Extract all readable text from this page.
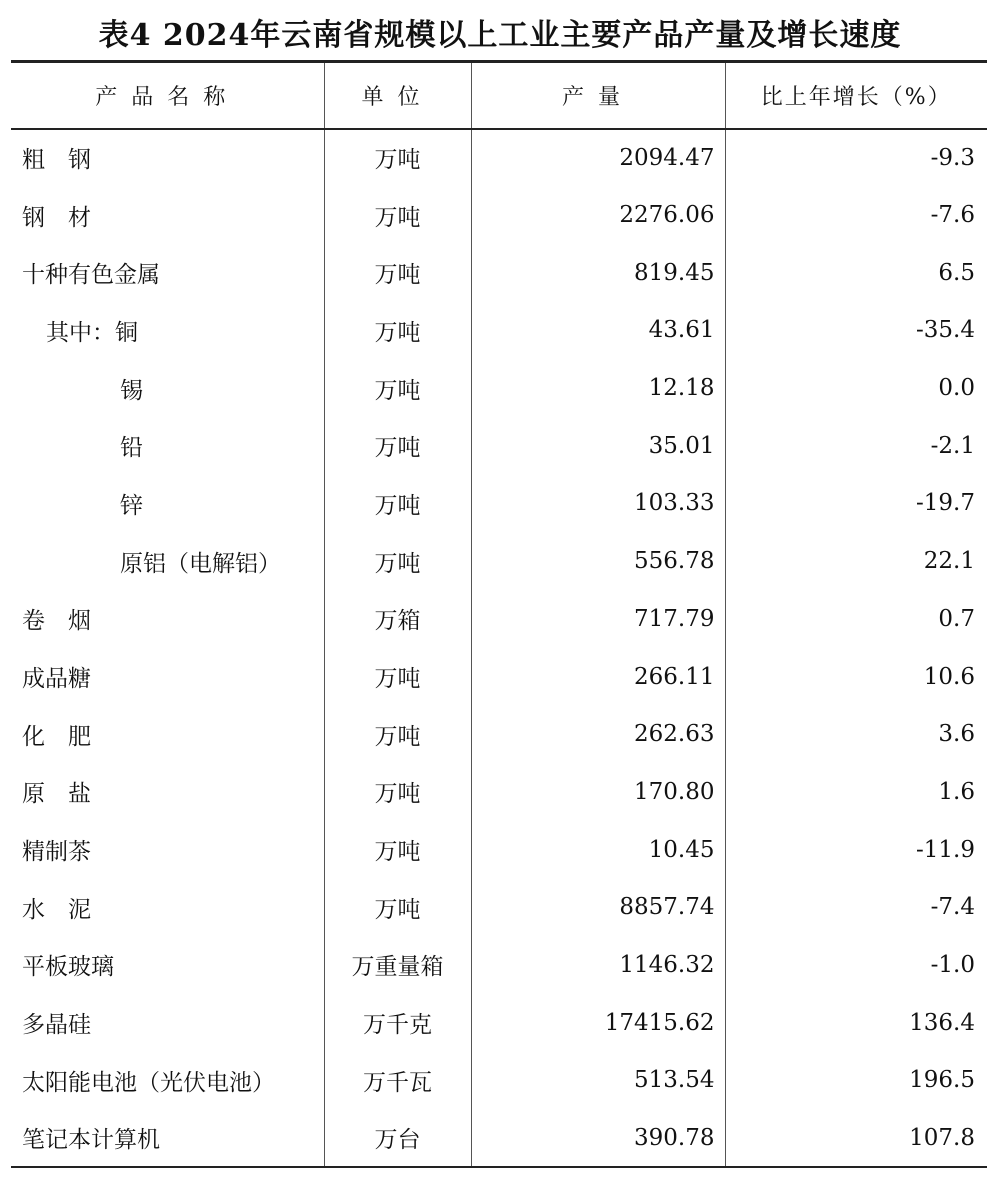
表4 2024年云南省规模以上工业主要产品产量及增长速度
产品名称	单位	产量	比上年增长（%）
粗　钢	万吨	2094.47	-9.3
钢　材	万吨	2276.06	-7.6
十种有色金属	万吨	819.45	6.5
其中：铜	万吨	43.61	-35.4
锡	万吨	12.18	0.0
铅	万吨	35.01	-2.1
锌	万吨	103.33	-19.7
原铝（电解铝）	万吨	556.78	22.1
卷　烟	万箱	717.79	0.7
成品糖	万吨	266.11	10.6
化　肥	万吨	262.63	3.6
原　盐	万吨	170.80	1.6
精制茶	万吨	10.45	-11.9
水　泥	万吨	8857.74	-7.4
平板玻璃	万重量箱	1146.32	-1.0
多晶硅	万千克	17415.62	136.4
太阳能电池（光伏电池）	万千瓦	513.54	196.5
笔记本计算机	万台	390.78	107.8
